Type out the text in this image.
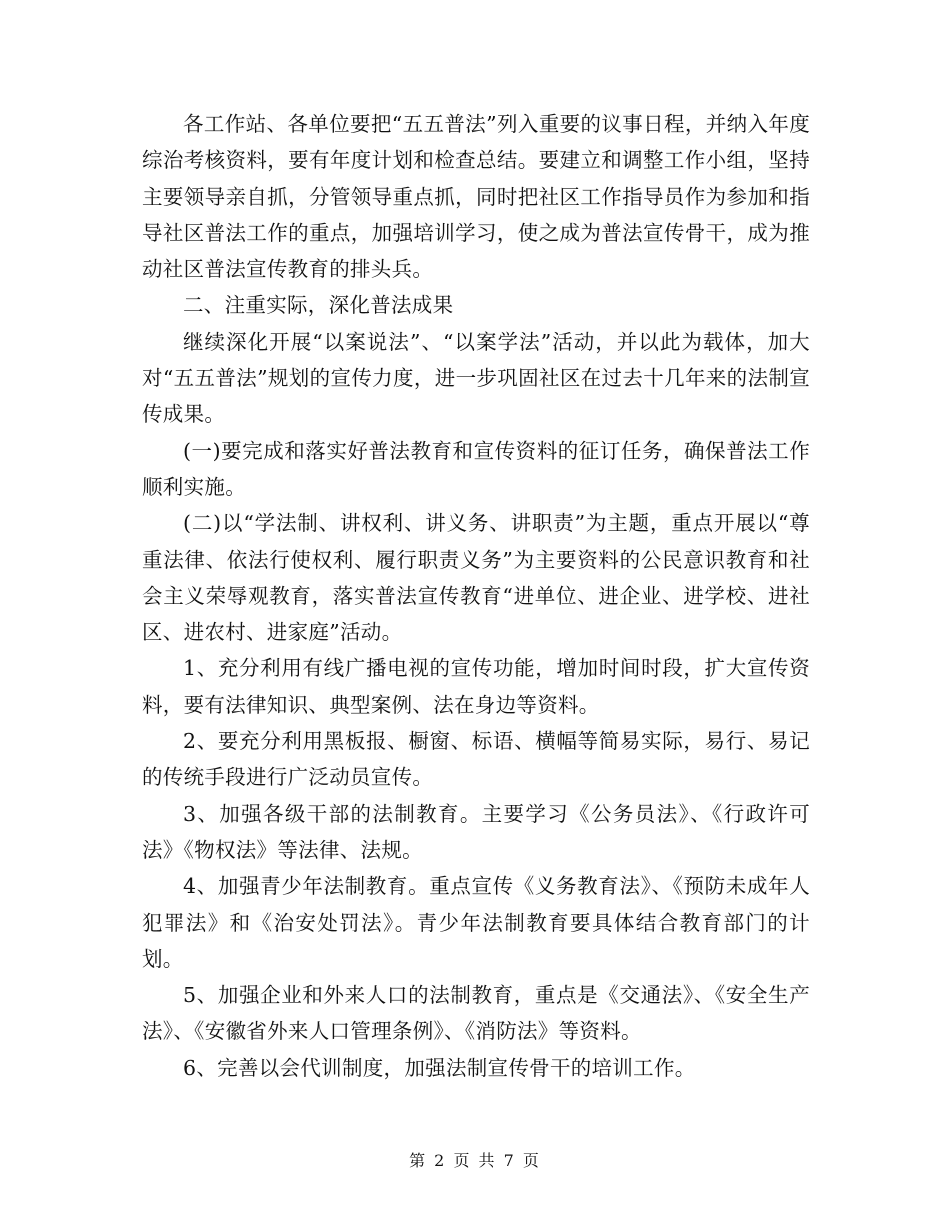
各工作站、各单位要把“五五普法”列入重要的议事日程，并纳入年度综治考核资料，要有年度计划和检查总结。要建立和调整工作小组，坚持主要领导亲自抓，分管领导重点抓，同时把社区工作指导员作为参加和指导社区普法工作的重点，加强培训学习，使之成为普法宣传骨干，成为推动社区普法宣传教育的排头兵。

二、注重实际，深化普法成果

继续深化开展“以案说法”、“以案学法”活动，并以此为载体，加大对“五五普法”规划的宣传力度，进一步巩固社区在过去十几年来的法制宣传成果。

(一)要完成和落实好普法教育和宣传资料的征订任务，确保普法工作顺利实施。

(二)以“学法制、讲权利、讲义务、讲职责”为主题，重点开展以“尊重法律、依法行使权利、履行职责义务”为主要资料的公民意识教育和社会主义荣辱观教育，落实普法宣传教育“进单位、进企业、进学校、进社区、进农村、进家庭”活动。

1、充分利用有线广播电视的宣传功能，增加时间时段，扩大宣传资料，要有法律知识、典型案例、法在身边等资料。

2、要充分利用黑板报、橱窗、标语、横幅等简易实际，易行、易记的传统手段进行广泛动员宣传。

3、加强各级干部的法制教育。主要学习《公务员法》、《行政许可法》《物权法》等法律、法规。

4、加强青少年法制教育。重点宣传《义务教育法》、《预防未成年人犯罪法》和《治安处罚法》。青少年法制教育要具体结合教育部门的计划。

5、加强企业和外来人口的法制教育，重点是《交通法》、《安全生产法》、《安徽省外来人口管理条例》、《消防法》等资料。

6、完善以会代训制度，加强法制宣传骨干的培训工作。

第 2 页 共 7 页
